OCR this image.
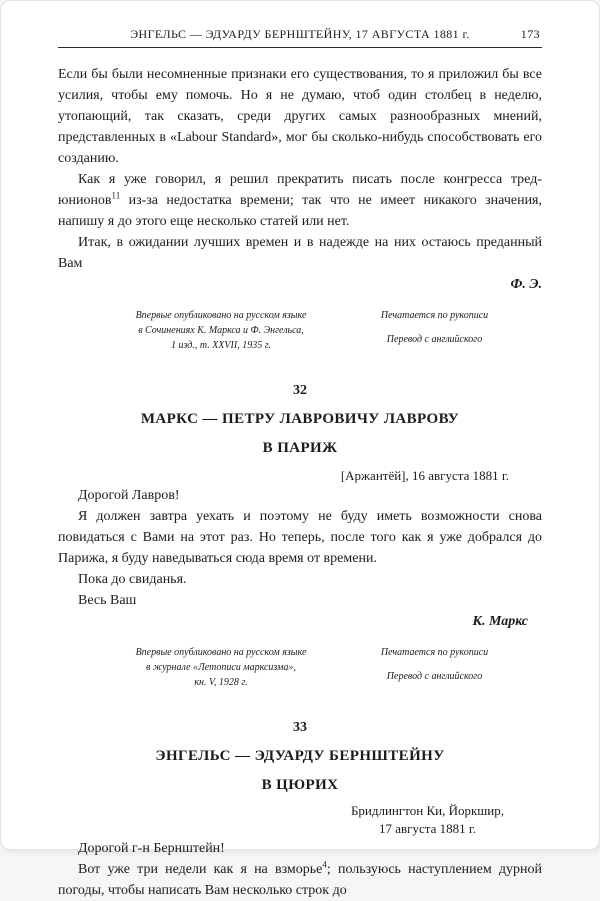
ЭНГЕЛЬС — ЭДУАРДУ БЕРНШТЕЙНУ, 17 АВГУСТА 1881 г.	173

Если бы были несомненные признаки его существования, то я приложил бы все усилия, чтобы ему помочь. Но я не думаю, чтоб один столбец в неделю, утопающий, так сказать, среди других самых разнообразных мнений, представленных в «Labour Standard», мог бы сколько-нибудь способствовать его созданию.

Как я уже говорил, я решил прекратить писать после конгресса тред-юнионов$^{11}$ из-за недостатка времени; так что не имеет никакого значения, напишу я до этого еще несколько статей или нет.

Итак, в ожидании лучших времен и в надежде на них остаюсь преданный Вам

Ф. Э.

Впервые опубликовано на русском языке
в Сочинениях К. Маркса и Ф. Энгельса,
1 изд., т. XXVII, 1935 г.
Печатается по рукописи
Перевод с английского
32
МАРКС — ПЕТРУ ЛАВРОВИЧУ ЛАВРОВУ
В ПАРИЖ
[Аржантёй], 16 августа 1881 г.

Дорогой Лавров!

Я должен завтра уехать и поэтому не буду иметь возможности снова повидаться с Вами на этот раз. Но теперь, после того как я уже добрался до Парижа, я буду наведываться сюда время от времени.

Пока до свиданья.

Весь Ваш

К. Маркс

Впервые опубликовано на русском языке
в журнале «Летописи марксизма»,
кн. V, 1928 г.
Печатается по рукописи
Перевод с английского
33
ЭНГЕЛЬС — ЭДУАРДУ БЕРНШТЕЙНУ
В ЦЮРИХ
Бридлингтон Ки, Йоркшир,
17 августа 1881 г.

Дорогой г-н Бернштейн!

Вот уже три недели как я на взморье$^4$; пользуюсь наступлением дурной погоды, чтобы написать Вам несколько строк до
